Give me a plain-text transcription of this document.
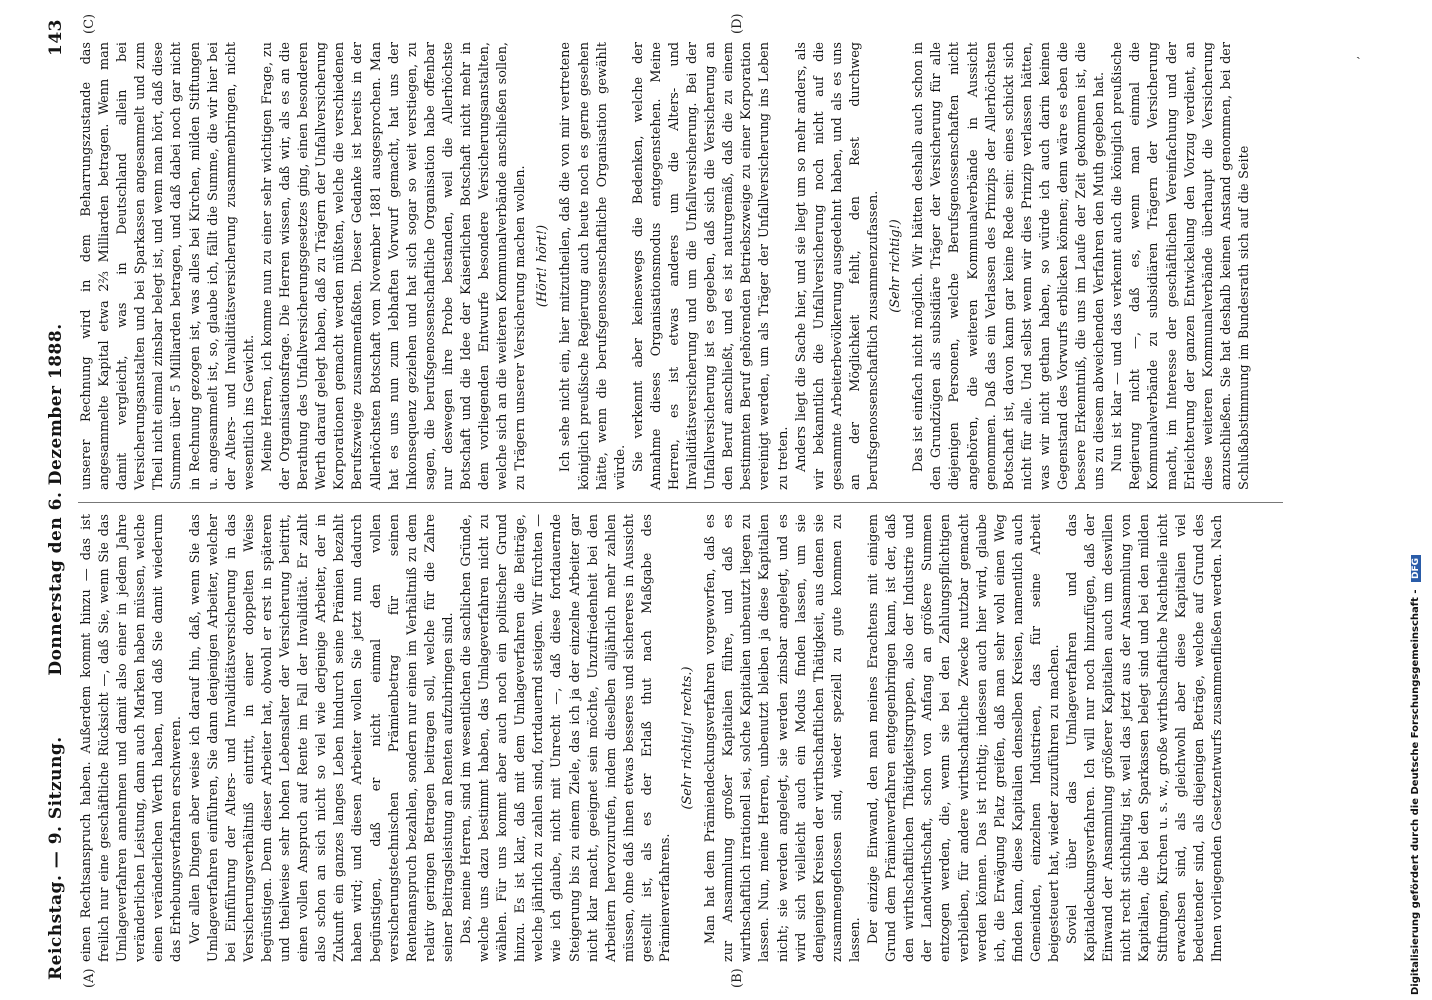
Reichstag. — 9. Sitzung.
Donnerstag den 6. Dezember 1888.
143
(A)	(B)
(C)	(D)

einen Rechtsanspruch haben. Außerdem kommt hinzu — das ist freilich nur eine geschäftliche Rücksicht —, daß Sie, wenn Sie das Umlageverfahren annehmen und damit also einer in jedem Jahre veränderlichen Leistung, dann auch Marken haben müssen, welche einen veränderlichen Werth haben, und daß Sie damit wiederum das Erhebungsverfahren erschweren. Vor allen Dingen aber weise ich darauf hin, daß, wenn Sie das Umlageverfahren einführen, Sie dann denjenigen Arbeiter, welcher bei Einführung der Alters- und Invaliditätsversicherung in das Versicherungsverhältniß eintritt, in einer doppelten Weise begünstigen. Denn dieser Arbeiter hat, obwohl er erst in späteren und theilweise sehr hohen Lebensalter der Versicherung beitritt, einen vollen Anspruch auf Rente im Fall der Invalidität. Er zahlt also schon an sich nicht so viel wie derjenige Arbeiter, der in Zukunft ein ganzes langes Leben hindurch seine Prämien bezahlt haben wird; und diesen Arbeiter wollen Sie jetzt nun dadurch begünstigen, daß er nicht einmal den vollen versicherungstechnischen Prämienbetrag für seinen Rentenanspruch bezahlen, sondern nur einen im Verhältniß zu dem relativ geringen Betragen beitragen soll, welche für die Zahre seiner Beitragsleistung an Renten aufzubringen sind. Das, meine Herren, sind im wesentlichen die sachlichen Gründe, welche uns dazu bestimmt haben, das Umlageverfahren nicht zu wählen. Für uns kommt aber auch noch ein politischer Grund hinzu. Es ist klar, daß mit dem Umlageverfahren die Beiträge, welche jährlich zu zahlen sind, fortdauernd steigen. Wir fürchten — wie ich glaube, nicht mit Unrecht —, daß diese fortdauernde Steigerung bis zu einem Ziele, das ich ja der einzelne Arbeiter gar nicht klar macht, geeignet sein möchte, Unzufriedenheit bei den Arbeitern hervorzurufen, indem dieselben alljährlich mehr zahlen müssen, ohne daß ihnen etwas besseres und sichereres in Aussicht gestellt ist, als es der Erlaß thut nach Maßgabe des Prämienverfahrens.

(Sehr richtig! rechts.) Man hat dem Prämiendeckungsverfahren vorgeworfen, daß es zur Ansammlung großer Kapitalien führe, und daß es wirthschaftlich irrationell sei, solche Kapitalien unbenutzt liegen zu lassen. Nun, meine Herren, unbenutzt bleiben ja diese Kapitalien nicht; sie werden angelegt, sie werden zinsbar angelegt, und es wird sich vielleicht auch ein Modus finden lassen, um sie denjenigen Kreisen der wirthschaftlichen Thätigkeit, aus denen sie zusammengeflossen sind, wieder speziell zu gute kommen zu lassen. Der einzige Einwand, den man meines Erachtens mit einigem Grund dem Prämienverfahren entgegenbringen kann, ist der, daß den wirthschaftlichen Thätigkeitsgruppen, also der Industrie und der Landwirthschaft, schon von Anfang an größere Summen entzogen werden, die, wenn sie bei den Zahlungspflichtigen verbleiben, für andere wirthschaftliche Zwecke nutzbar gemacht werden können. Das ist richtig; indessen auch hier wird, glaube ich, die Erwägung Platz greifen, daß man sehr wohl einen Weg finden kann, diese Kapitalien denselben Kreisen, namentlich auch Gemeinden, einzelnen Industrieen, das für seine Arbeit beigesteuert hat, wieder zuzuführen zu machen. Soviel über das Umlageverfahren und das Kapitaldeckungsverfahren. Ich will nur noch hinzufügen, daß der Einwand der Ansammlung größerer Kapitalien auch um deswillen nicht recht stichhaltig ist, weil das jetzt aus der Ansammlung von Kapitalien, die bei den Sparkassen belegt sind und bei den milden Stiftungen, Kirchen u. s. w., große wirthschaftliche Nachtheile nicht erwachsen sind, als gleichwohl aber diese Kapitalien viel bedeutender sind, als diejenigen Beträge, welche auf Grund des Ihnen vorliegenden Gesetzentwurfs zusammenfließen werden. Nach

unserer Rechnung wird in dem Beharrungszustande das angesammelte Kapital etwa 2⅔ Milliarden betragen. Wenn man damit vergleicht, was in Deutschland allein bei Versicherungsanstalten und bei Sparkassen angesammelt und zum Theil nicht einmal zinsbar belegt ist, und wenn man hört, daß diese Summen über 5 Milliarden betragen, und daß dabei noch gar nicht in Rechnung gezogen ist, was alles bei Kirchen, milden Stiftungen u. angesammelt ist, so, glaube ich, fällt die Summe, die wir hier bei der Alters- und Invaliditätsversicherung zusammenbringen, nicht wesentlich ins Gewicht. Meine Herren, ich komme nun zu einer sehr wichtigen Frage, zu der Organisationsfrage. Die Herren wissen, daß wir, als es an die Berathung des Unfallversicherungsgesetzes ging, einen besonderen Werth darauf gelegt haben, daß zu Trägern der Unfallversicherung Korporationen gemacht werden müßten, welche die verschiedenen Berufszweige zusammenfaßten. Dieser Gedanke ist bereits in der Allerhöchsten Botschaft vom November 1881 ausgesprochen. Man hat es uns nun zum lebhaften Vorwurf gemacht, hat uns der Inkonsequenz geziehen und hat sich sogar so weit verstiegen, zu sagen, die berufsgenossenschaftliche Organisation habe offenbar nur deswegen ihre Probe bestanden, weil die Allerhöchste Botschaft und die Idee der Kaiserlichen Botschaft nicht mehr in dem vorliegenden Entwurfe besondere Versicherungsanstalten, welche sich an die weiteren Kommunalverbände anschließen sollen, zu Trägern unserer Versicherung machen wollen. (Hört! hört!) Ich sehe nicht ein, hier mitzutheilen, daß die von mir vertretene königlich preußische Regierung auch heute noch es gerne gesehen hätte, wenn die berufsgenossenschaftliche Organisation gewählt würde. Sie verkennt aber keineswegs die Bedenken, welche der Annahme dieses Organisationsmodus entgegenstehen. Meine Herren, es ist etwas anderes um die Alters- und Invaliditätsversicherung und um die Unfallversicherung. Bei der Unfallversicherung ist es gegeben, daß sich die Versicherung an den Beruf anschließt, und es ist naturgemäß, daß die zu einem bestimmten Beruf gehörenden Betriebszweige zu einer Korporation vereinigt werden, um als Träger der Unfallversicherung ins Leben zu treten. Anders liegt die Sache hier, und sie liegt um so mehr anders, als wir bekanntlich die Unfallversicherung noch nicht auf die gesammte Arbeiterbevölkerung ausgedehnt haben, und als es uns an der Möglichkeit fehlt, den Rest durchweg berufsgenossenschaftlich zusammenzufassen. (Sehr richtig!) Das ist einfach nicht möglich. Wir hätten deshalb auch schon in den Grundzügen als subsidiäre Träger der Versicherung für alle diejenigen Personen, welche Berufsgenossenschaften nicht angehören, die weiteren Kommunalverbände in Aussicht genommen. Daß das ein Verlassen des Prinzips der Allerhöchsten Botschaft ist, davon kann gar keine Rede sein: eines schickt sich nicht für alle. Und selbst wenn wir dies Prinzip verlassen hätten, was wir nicht gethan haben, so würde ich auch darin keinen Gegenstand des Vorwurfs erblicken können; denn wäre es eben die bessere Erkenntniß, die uns im Laufe der Zeit gekommen ist, die uns zu diesem abweichenden Verfahren den Muth gegeben hat. Nun ist klar — und das verkennt auch die königlich preußische Regierung nicht —, daß es, wenn man einmal die Kommunalverbände zu subsidiären Trägern der Versicherung macht, im Interesse der geschäftlichen Vereinfachung und der Erleichterung der ganzen Entwickelung den Vorzug verdient, an diese weiteren Kommunalverbände überhaupt die Versicherung anzuschließen. Sie hat deshalb keinen Anstand genommen, bei der Schlußabstimmung im Bundesrath sich auf die Seite

ˏ
Digitalisierung gefördert durch die Deutsche Forschungsgemeinschaft - DFG
